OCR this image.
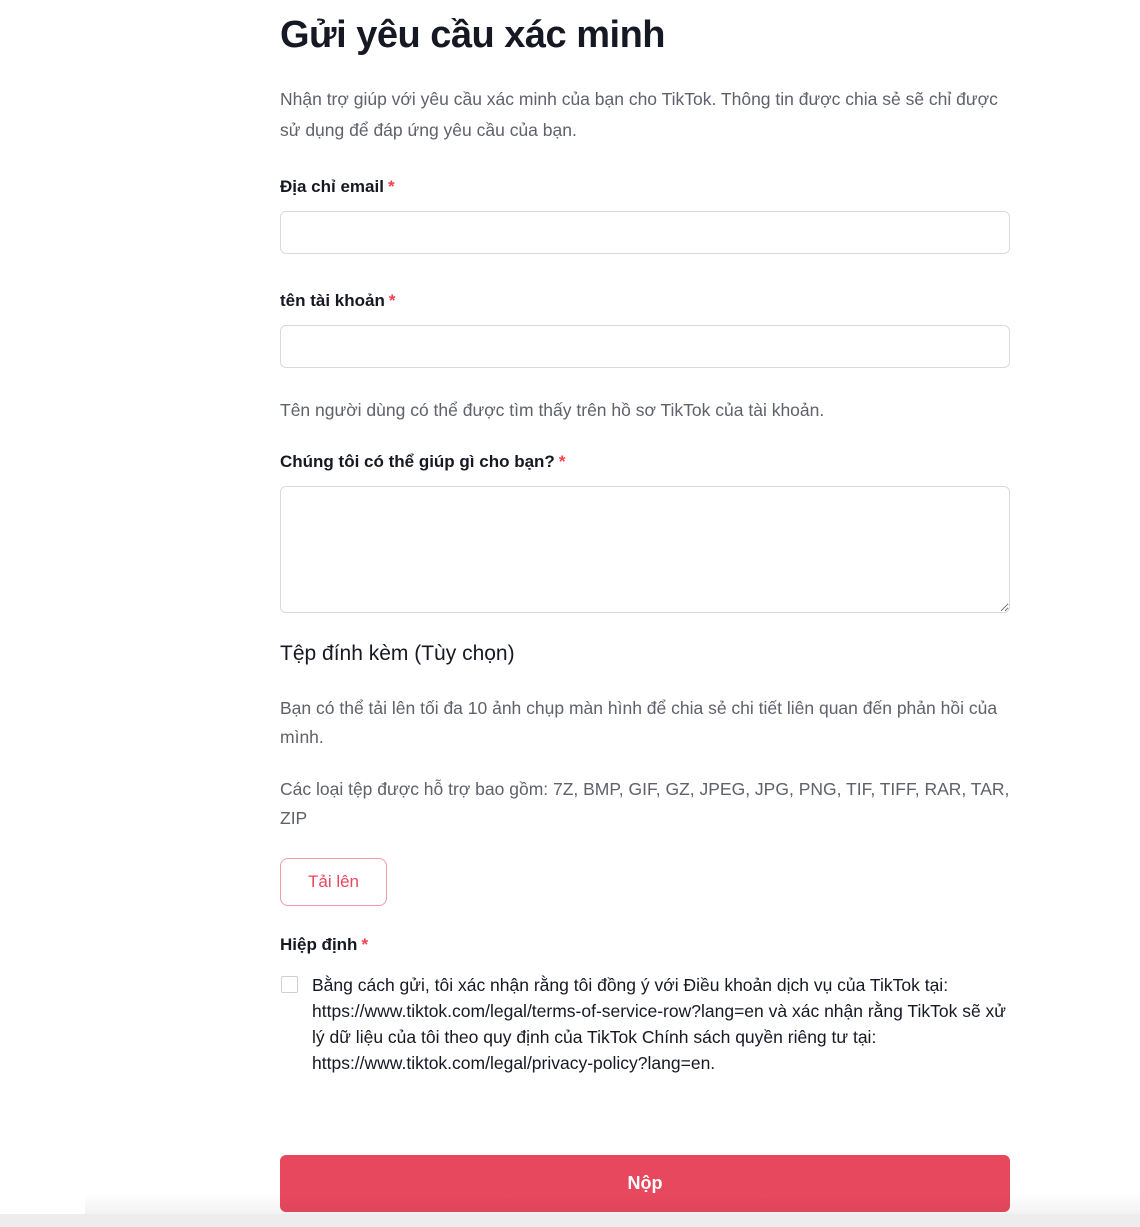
Gửi yêu cầu xác minh

Nhận trợ giúp với yêu cầu xác minh của bạn cho TikTok. Thông tin được chia sẻ sẽ chỉ được sử dụng để đáp ứng yêu cầu của bạn.

Địa chỉ email *
tên tài khoản *

Tên người dùng có thể được tìm thấy trên hồ sơ TikTok của tài khoản.

Chúng tôi có thể giúp gì cho bạn? *
Tệp đính kèm (Tùy chọn)

Bạn có thể tải lên tối đa 10 ảnh chụp màn hình để chia sẻ chi tiết liên quan đến phản hồi của mình.

Các loại tệp được hỗ trợ bao gồm: 7Z, BMP, GIF, GZ, JPEG, JPG, PNG, TIF, TIFF, RAR, TAR, ZIP

Tải lên
Hiệp định *
Bằng cách gửi, tôi xác nhận rằng tôi đồng ý với Điều khoản dịch vụ của TikTok tại: https://www.tiktok.com/legal/terms-of-service-row?lang=en và xác nhận rằng TikTok sẽ xử lý dữ liệu của tôi theo quy định của TikTok Chính sách quyền riêng tư tại: https://www.tiktok.com/legal/privacy-policy?lang=en.
Nộp
